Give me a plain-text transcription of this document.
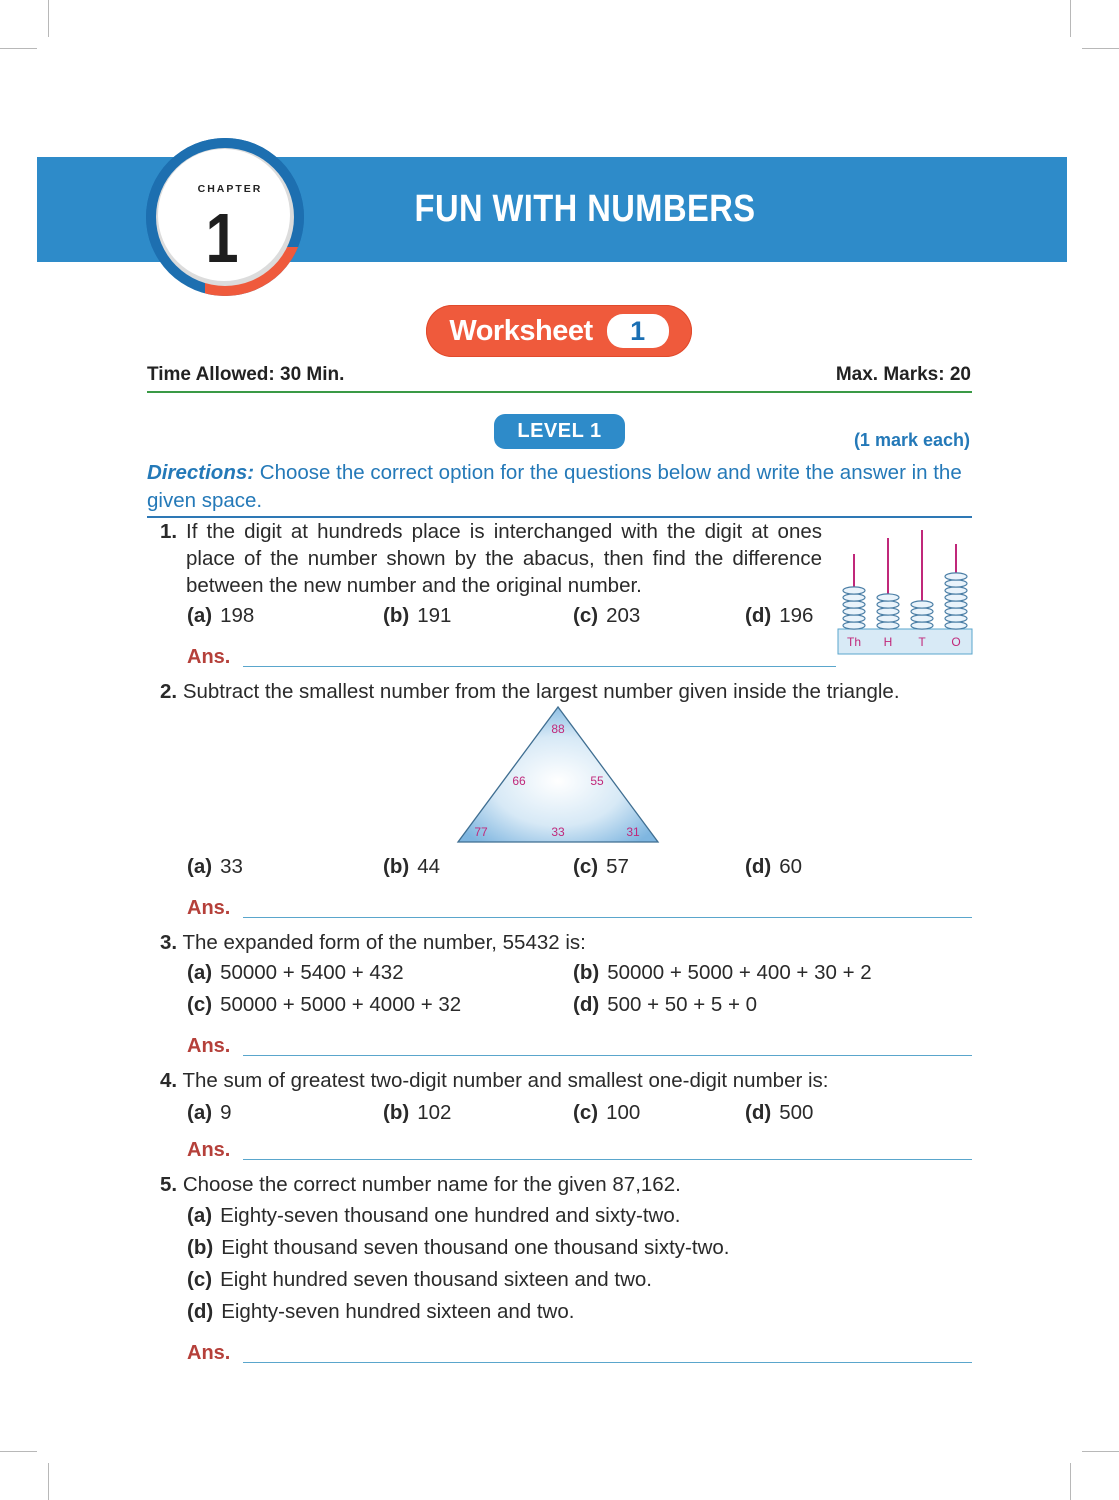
FUN WITH NUMBERS
CHAPTER
1
Worksheet	1
Time Allowed: 30 Min.	Max. Marks: 20
LEVEL 1	(1 mark each)
Directions: Choose the correct option for the questions below and write the answer in the given space.
1. If the digit at hundreds place is interchanged with the digit at ones place of the number shown by the abacus, then find the difference between the new number and the original number.
(a) 198	(b) 191	(c) 203	(d) 196
Ans.
Th H T O
2. Subtract the smallest number from the largest number given inside the triangle.
88
66	55
77	33	31
(a) 33	(b) 44	(c) 57	(d) 60
Ans.
3. The expanded form of the number, 55432 is:
(a) 50000 + 5400 + 432	(b) 50000 + 5000 + 400 + 30 + 2
(c) 50000 + 5000 + 4000 + 32	(d) 500 + 50 + 5 + 0
Ans.
4. The sum of greatest two-digit number and smallest one-digit number is:
(a) 9	(b) 102	(c) 100	(d) 500
Ans.
5. Choose the correct number name for the given 87,162.
(a) Eighty-seven thousand one hundred and sixty-two.
(b) Eight thousand seven thousand one thousand sixty-two.
(c) Eight hundred seven thousand sixteen and two.
(d) Eighty-seven hundred sixteen and two.
Ans.
